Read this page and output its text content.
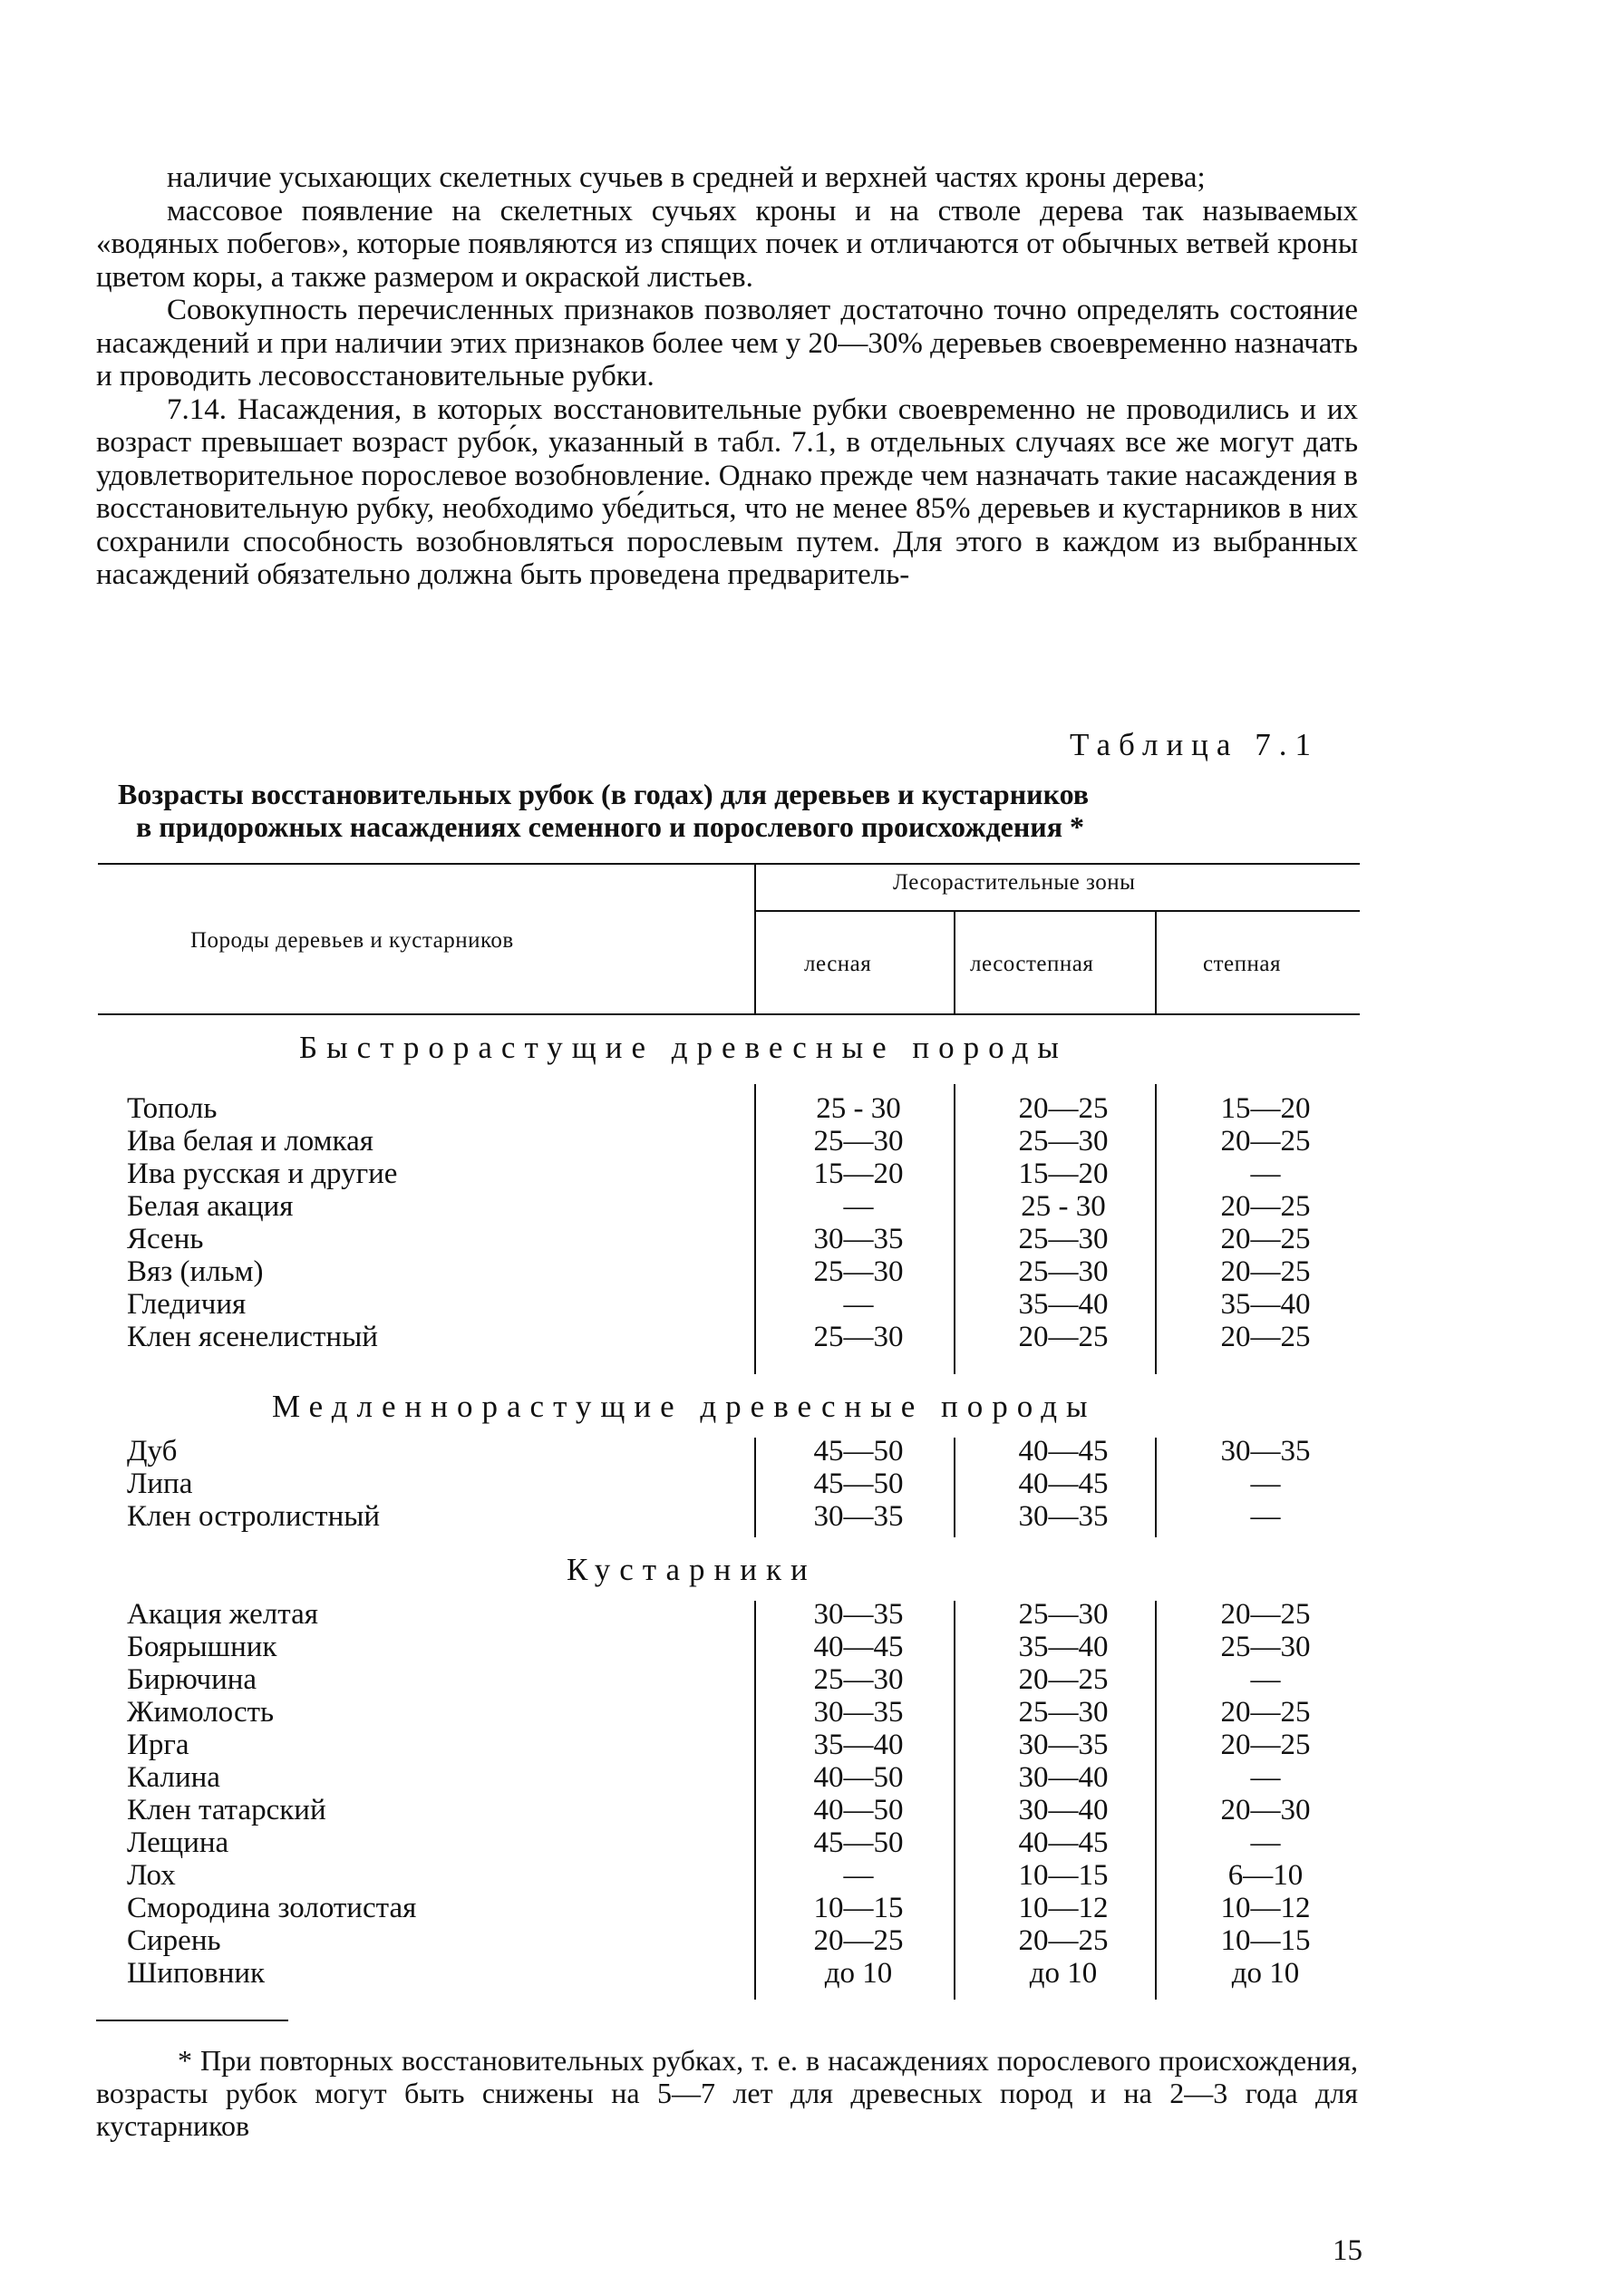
наличие усыхающих скелетных сучьев в средней и верхней частях кроны дерева;

массовое появление на скелетных сучьях кроны и на стволе дерева так называемых «водяных побегов», которые появляются из спящих почек и отличаются от обычных ветвей кроны цветом коры, а также размером и окраской листьев.

Совокупность перечисленных признаков позволяет достаточно точно определять состояние насаждений и при наличии этих признаков более чем у 20—30% деревьев своевременно назначать и проводить лесовосстановительные рубки.

7.14. Насаждения, в которых восстановительные рубки своевременно не проводились и их возраст превышает возраст рубо́к, указанный в табл. 7.1, в отдельных случаях все же могут дать удовлетворительное порослевое возобновление. Однако прежде чем назначать такие насаждения в восстановительную рубку, необходимо убе́диться, что не менее 85% деревьев и кустарников в них сохранили способность возобновляться порослевым путем. Для этого в каждом из выбранных насаждений обязательно должна быть проведена предваритель-

Таблица 7.1
Возрасты восстановительных рубок (в годах) для деревьев и кустарников
в придорожных насаждениях семенного и порослевого происхождения *
Породы деревьев и кустарников
Лесорастительные зоны
лесная	лесостепная	степная
Быстрорастущие древесные породы
Медленнорастущие древесные породы
Кустарники
Тополь	25 - 30	20—25	15—20
Ива белая и ломкая	25—30	25—30	20—25
Ива русская и другие	15—20	15—20	—
Белая акация	—	25 - 30	20—25
Ясень	30—35	25—30	20—25
Вяз (ильм)	25—30	25—30	20—25
Гледичия	—	35—40	35—40
Клен ясенелистный	25—30	20—25	20—25
Дуб	45—50	40—45	30—35
Липа	45—50	40—45	—
Клен остролистный	30—35	30—35	—
Акация желтая	30—35	25—30	20—25
Боярышник	40—45	35—40	25—30
Бирючина	25—30	20—25	—
Жимолость	30—35	25—30	20—25
Ирга	35—40	30—35	20—25
Калина	40—50	30—40	—
Клен татарский	40—50	30—40	20—30
Лещина	45—50	40—45	—
Лох	—	10—15	6—10
Смородина золотистая	10—15	10—12	10—12
Сирень	20—25	20—25	10—15
Шиповник	до 10	до 10	до 10

* При повторных восстановительных рубках, т. е. в насаждениях порослевого происхождения, возрасты рубок могут быть снижены на 5—7 лет для древесных пород и на 2—3 года для кустарников

15
